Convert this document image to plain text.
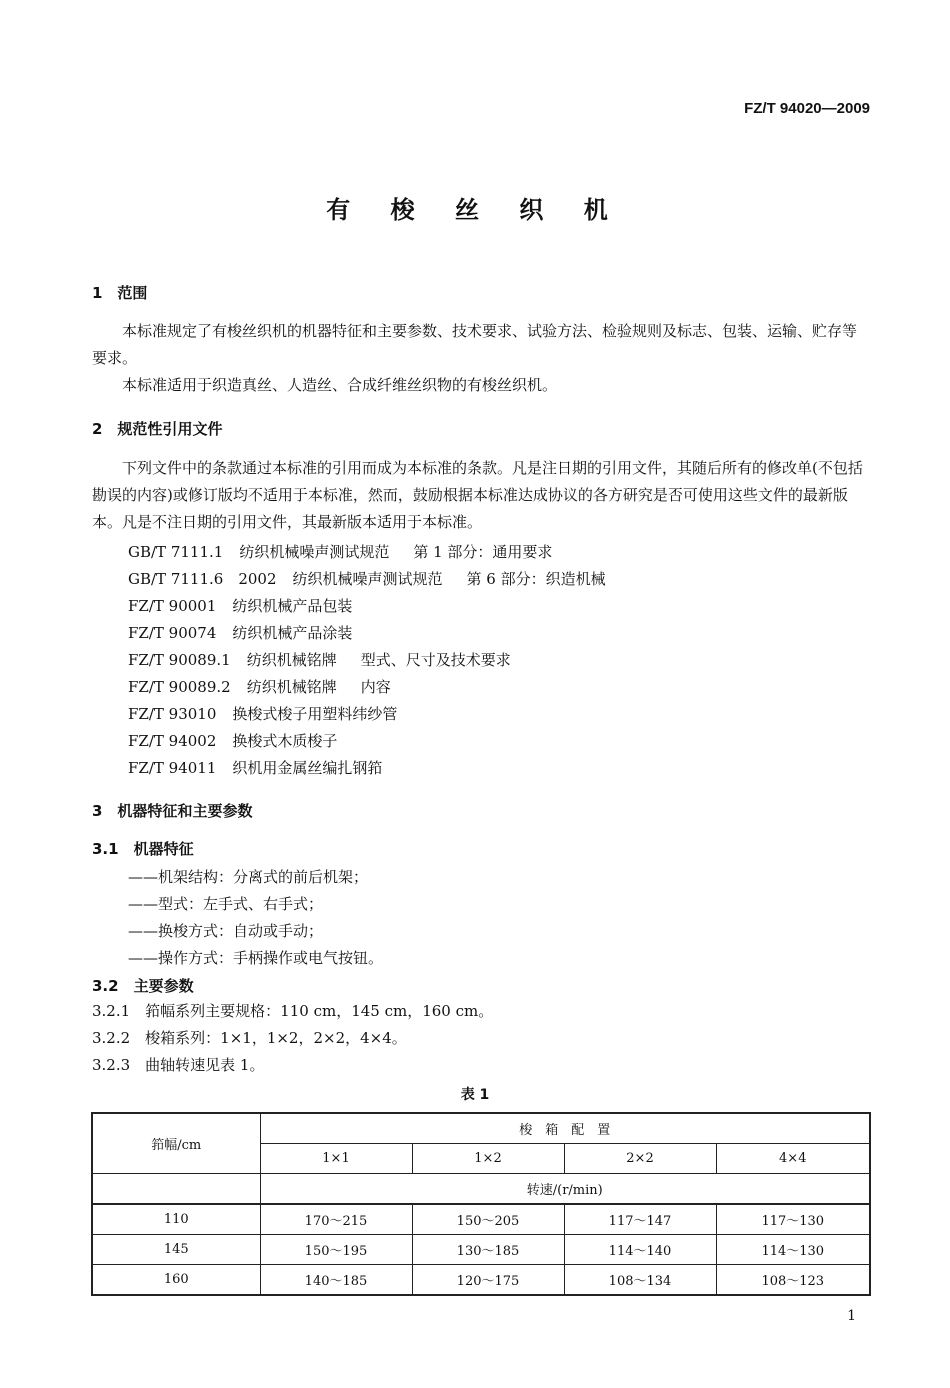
FZ/T 94020—2009
有 梭 丝 织 机
1　范围
本标准规定了有梭丝织机的机器特征和主要参数、技术要求、试验方法、检验规则及标志、包装、运输、贮存等要求。
本标准适用于织造真丝、人造丝、合成纤维丝织物的有梭丝织机。
2　规范性引用文件
下列文件中的条款通过本标准的引用而成为本标准的条款。凡是注日期的引用文件，其随后所有的修改单(不包括勘误的内容)或修订版均不适用于本标准，然而，鼓励根据本标准达成协议的各方研究是否可使用这些文件的最新版本。凡是不注日期的引用文件，其最新版本适用于本标准。
GB/T 7111.1 纺织机械噪声测试规范 第 1 部分：通用要求
GB/T 7111.6　2002 纺织机械噪声测试规范 第 6 部分：织造机械
FZ/T 90001 纺织机械产品包装
FZ/T 90074 纺织机械产品涂装
FZ/T 90089.1 纺织机械铭牌 型式、尺寸及技术要求
FZ/T 90089.2 纺织机械铭牌 内容
FZ/T 93010 换梭式梭子用塑料纬纱管
FZ/T 94002 换梭式木质梭子
FZ/T 94011 织机用金属丝编扎钢筘
3　机器特征和主要参数
3.1　机器特征
——机架结构：分离式的前后机架；
——型式：左手式、右手式；
——换梭方式：自动或手动；
——操作方式：手柄操作或电气按钮。
3.2　主要参数
3.2.1　筘幅系列主要规格：110 cm，145 cm，160 cm。
3.2.2　梭箱系列：1×1，1×2，2×2，4×4。
3.2.3　曲轴转速见表 1。
表 1
筘幅/cm	梭　箱　配　置			
	1×1	1×2	2×2	4×4
	转速/(r/min)			
110	170～215	150～205	117～147	117～130
145	150～195	130～185	114～140	114～130
160	140～185	120～175	108～134	108～123
1
